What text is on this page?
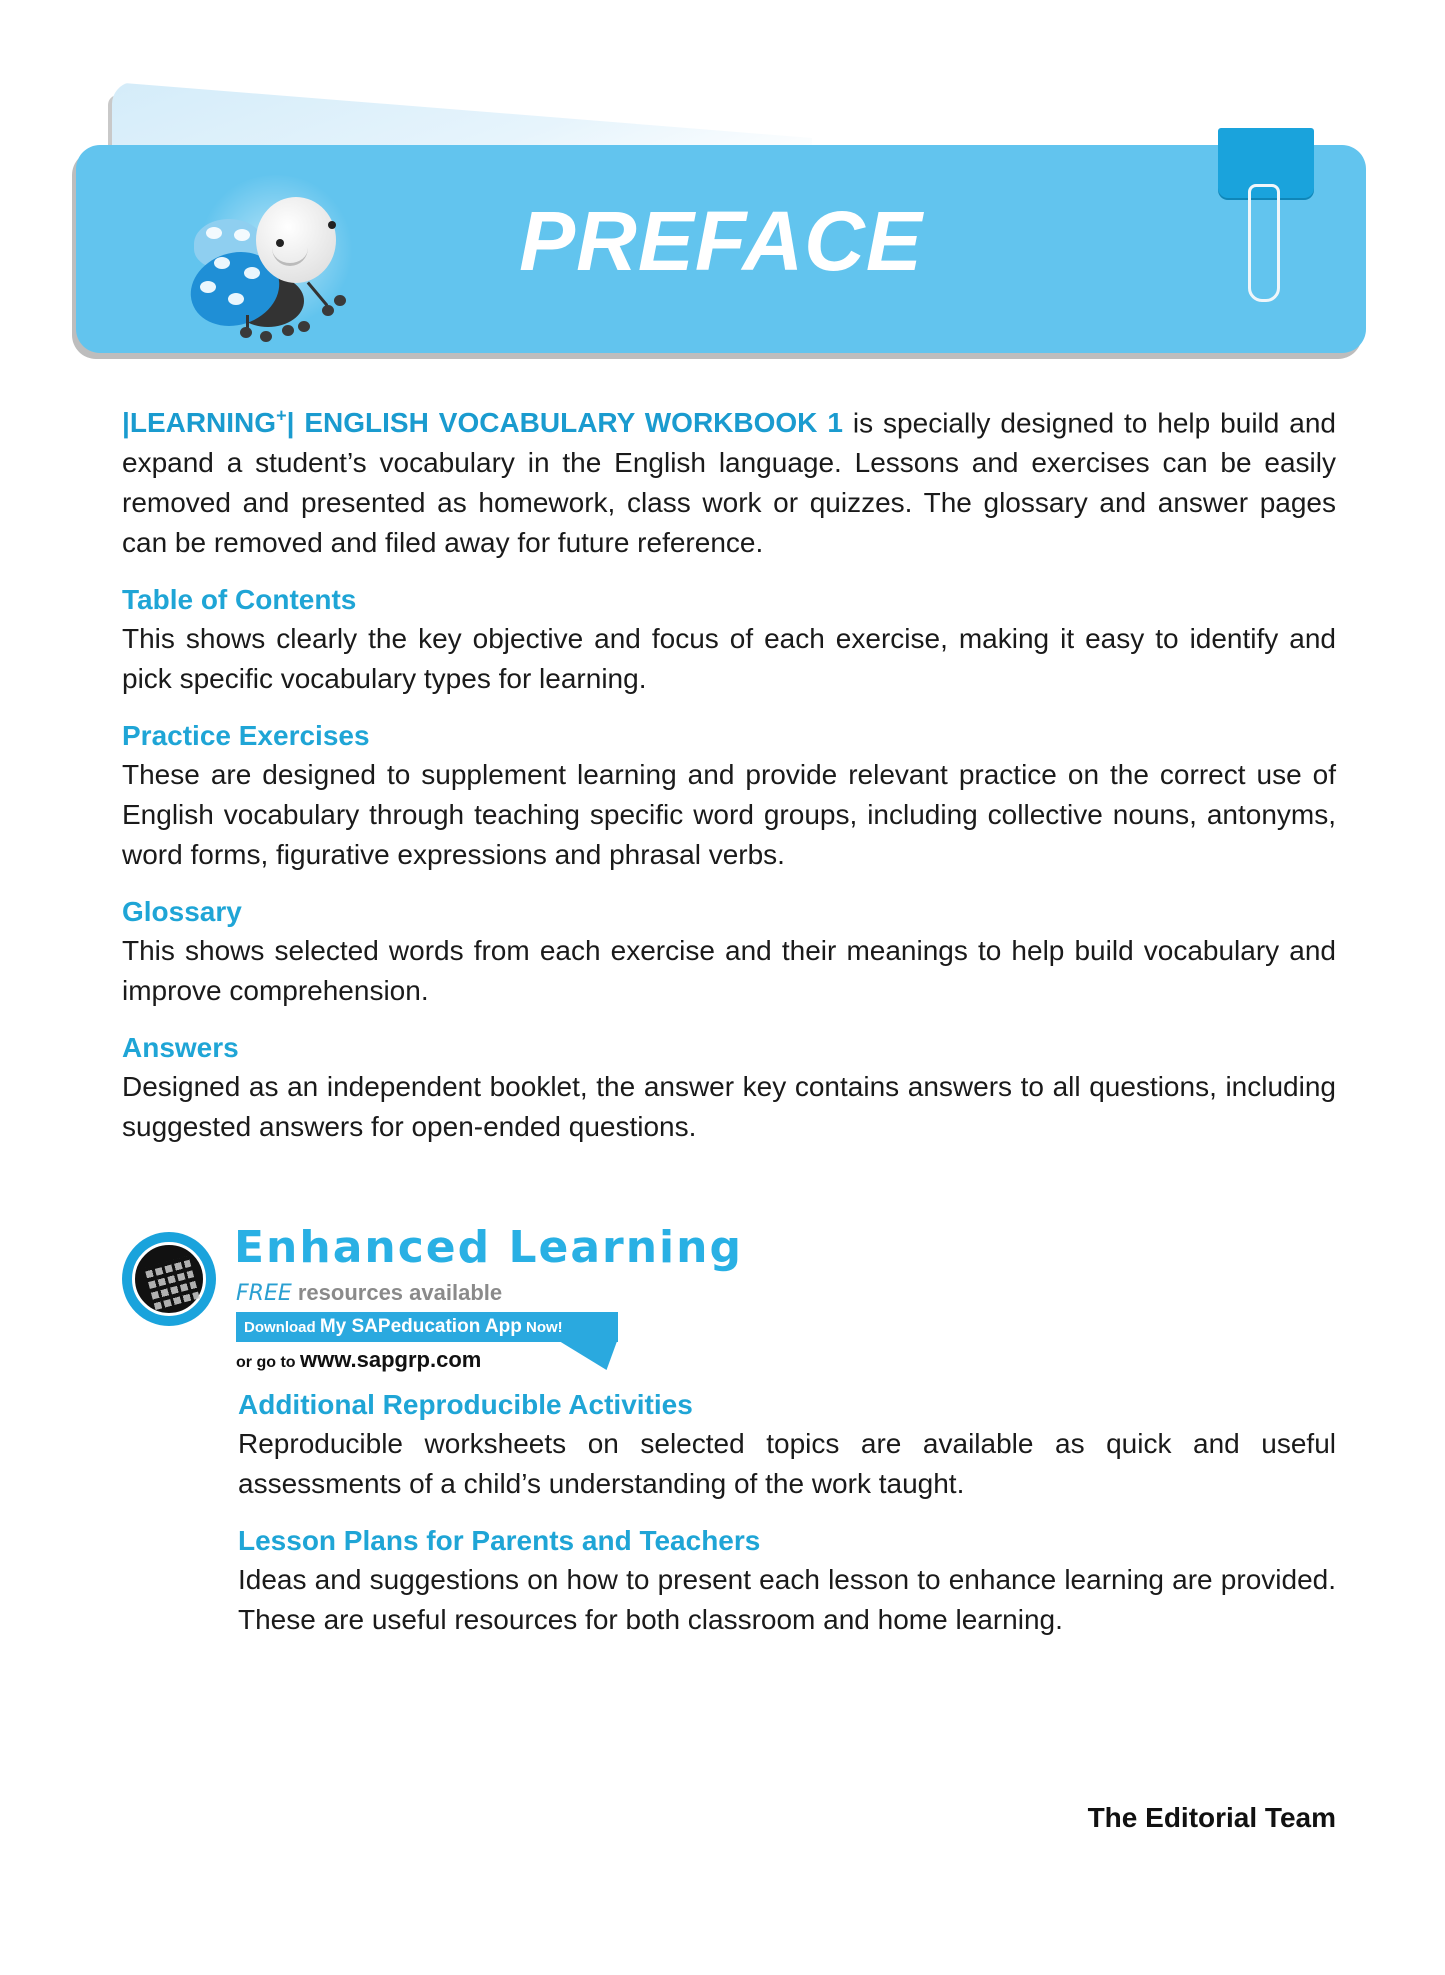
PREFACE

|LEARNING+| ENGLISH VOCABULARY WORKBOOK 1 is specially designed to help build and expand a student’s vocabulary in the English language. Lessons and exercises can be easily removed and presented as homework, class work or quizzes. The glossary and answer pages can be removed and filed away for future reference.

Table of Contents

This shows clearly the key objective and focus of each exercise, making it easy to identify and pick specific vocabulary types for learning.

Practice Exercises

These are designed to supplement learning and provide relevant practice on the correct use of English vocabulary through teaching specific word groups, including collective nouns, antonyms, word forms, figurative expressions and phrasal verbs.

Glossary

This shows selected words from each exercise and their meanings to help build vocabulary and improve comprehension.

Answers

Designed as an independent booklet, the answer key contains answers to all questions, including suggested answers for open-ended questions.

Enhanced Learning
FREE resources available
Download My SAPeducation App Now!
or go to www.sapgrp.com

Additional Reproducible Activities

Reproducible worksheets on selected topics are available as quick and useful assessments of a child’s understanding of the work taught.

Lesson Plans for Parents and Teachers

Ideas and suggestions on how to present each lesson to enhance learning are provided. These are useful resources for both classroom and home learning.

The Editorial Team
